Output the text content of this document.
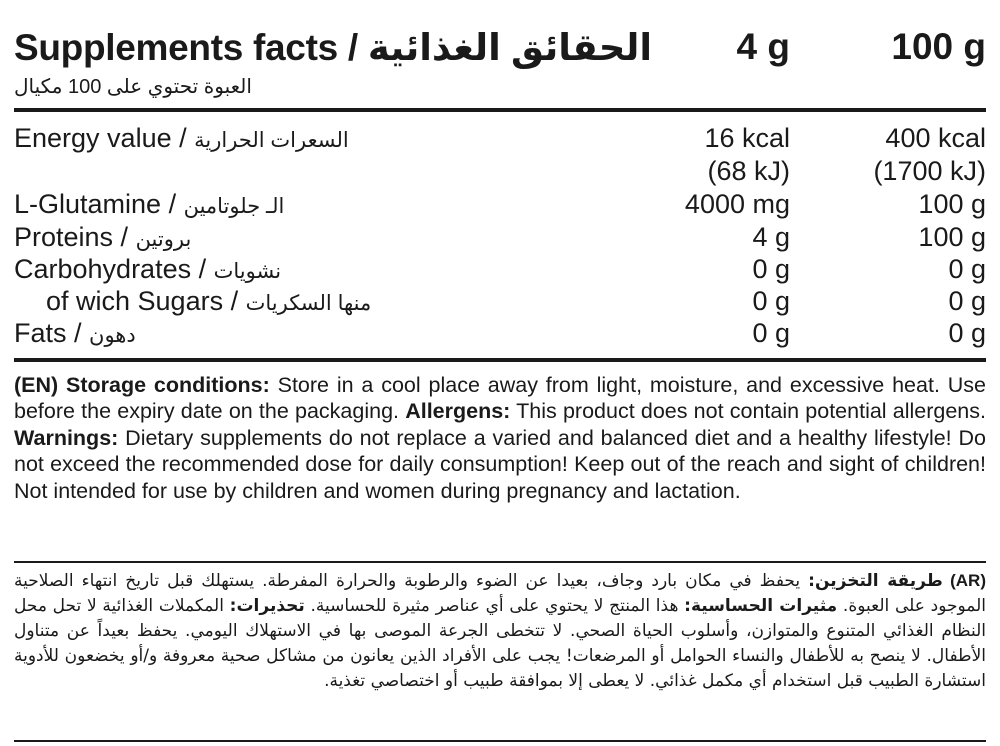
Supplements facts / الحقائق الغذائية 4 g	100 g
العبوة تحتوي على 100 مكيال
Energy value / السعرات الحرارية	16 kcal	400 kcal
(68 kJ)	(1700 kJ)
L-Glutamine / الـ جلوتامين	4000 mg	100 g
Proteins / بروتين	4 g	100 g
Carbohydrates / نشويات	0 g	0 g
of wich Sugars / منها السكريات	0 g	0 g
Fats / دهون	0 g	0 g
(EN) Storage conditions: Store in a cool place away from light, moisture, and excessive heat. Use before the expiry date on the packaging. Allergens: This product does not contain potential allergens. Warnings: Dietary supplements do not replace a varied and balanced diet and a healthy lifestyle! Do not exceed the recommended dose for daily consumption! Keep out of the reach and sight of children! Not intended for use by children and women during pregnancy and lactation.
(AR) طريقة التخزين: يحفظ في مكان بارد وجاف، بعيدا عن الضوء والرطوبة والحرارة المفرطة. يستهلك قبل تاريخ انتهاء الصلاحية الموجود على العبوة. مثيرات الحساسية: هذا المنتج لا يحتوي على أي عناصر مثيرة للحساسية. تحذيرات: المكملات الغذائية لا تحل محل النظام الغذائي المتنوع والمتوازن، وأسلوب الحياة الصحي. لا تتخطى الجرعة الموصى بها في الاستهلاك اليومي. يحفظ بعيداً عن متناول الأطفال. لا ينصح به للأطفال والنساء الحوامل أو المرضعات! يجب على الأفراد الذين يعانون من مشاكل صحية معروفة و/أو يخضعون للأدوية استشارة الطبيب قبل استخدام أي مكمل غذائي. لا يعطى إلا بموافقة طبيب أو اختصاصي تغذية.
